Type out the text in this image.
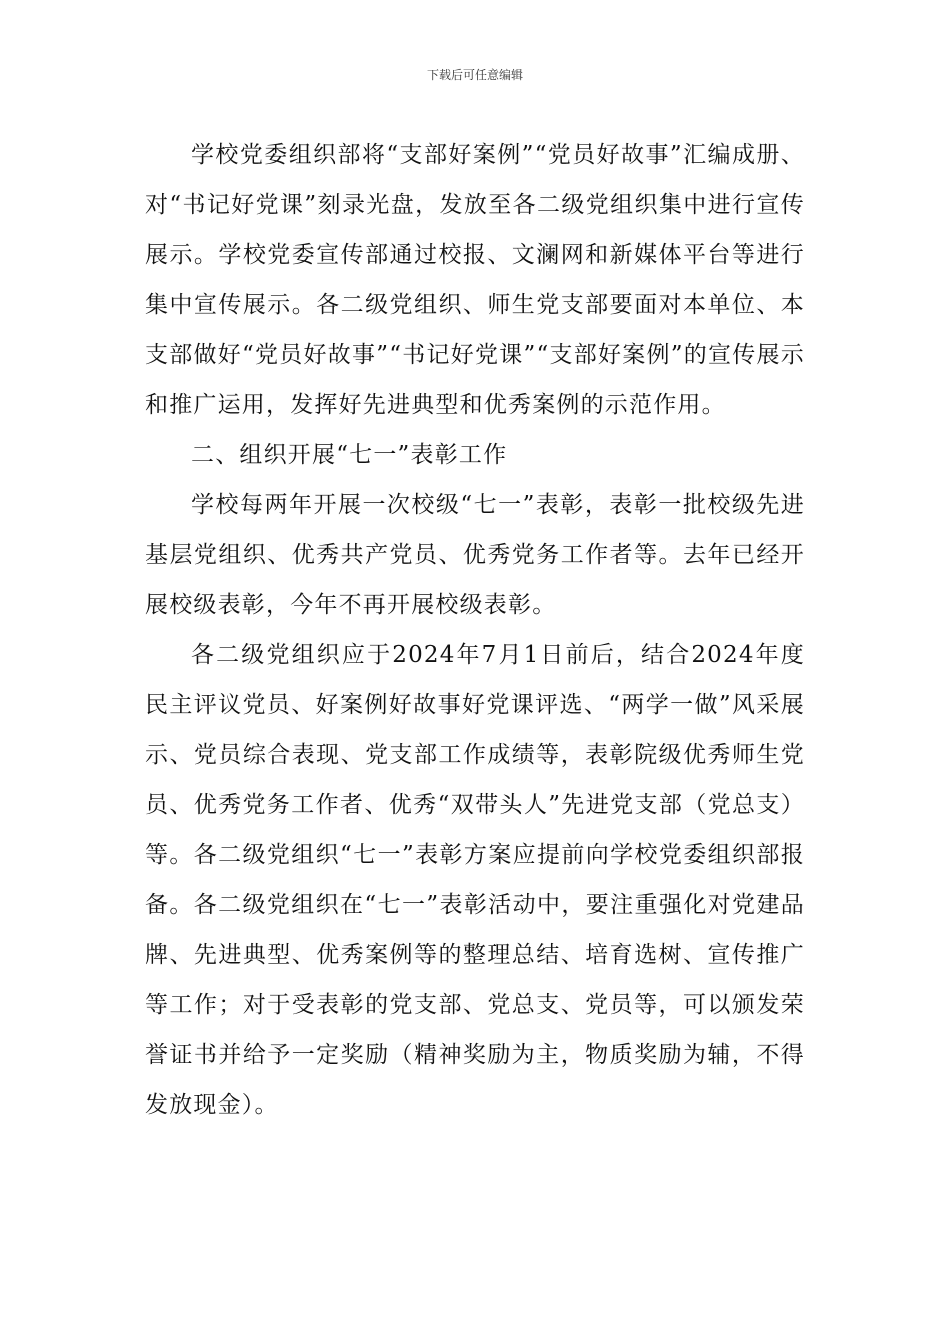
下载后可任意编辑

学校党委组织部将“支部好案例”“党员好故事”汇编成册、对“书记好党课”刻录光盘，发放至各二级党组织集中进行宣传展示。学校党委宣传部通过校报、文澜网和新媒体平台等进行集中宣传展示。各二级党组织、师生党支部要面对本单位、本支部做好“党员好故事”“书记好党课”“支部好案例”的宣传展示和推广运用，发挥好先进典型和优秀案例的示范作用。

二、组织开展“七一”表彰工作

学校每两年开展一次校级“七一”表彰，表彰一批校级先进基层党组织、优秀共产党员、优秀党务工作者等。去年已经开展校级表彰，今年不再开展校级表彰。

各二级党组织应于2024年7月1日前后，结合2024年度民主评议党员、好案例好故事好党课评选、“两学一做”风采展示、党员综合表现、党支部工作成绩等，表彰院级优秀师生党员、优秀党务工作者、优秀“双带头人”先进党支部（党总支）等。各二级党组织“七一”表彰方案应提前向学校党委组织部报备。各二级党组织在“七一”表彰活动中，要注重强化对党建品牌、先进典型、优秀案例等的整理总结、培育选树、宣传推广等工作；对于受表彰的党支部、党总支、党员等，可以颁发荣誉证书并给予一定奖励（精神奖励为主，物质奖励为辅，不得发放现金）。
